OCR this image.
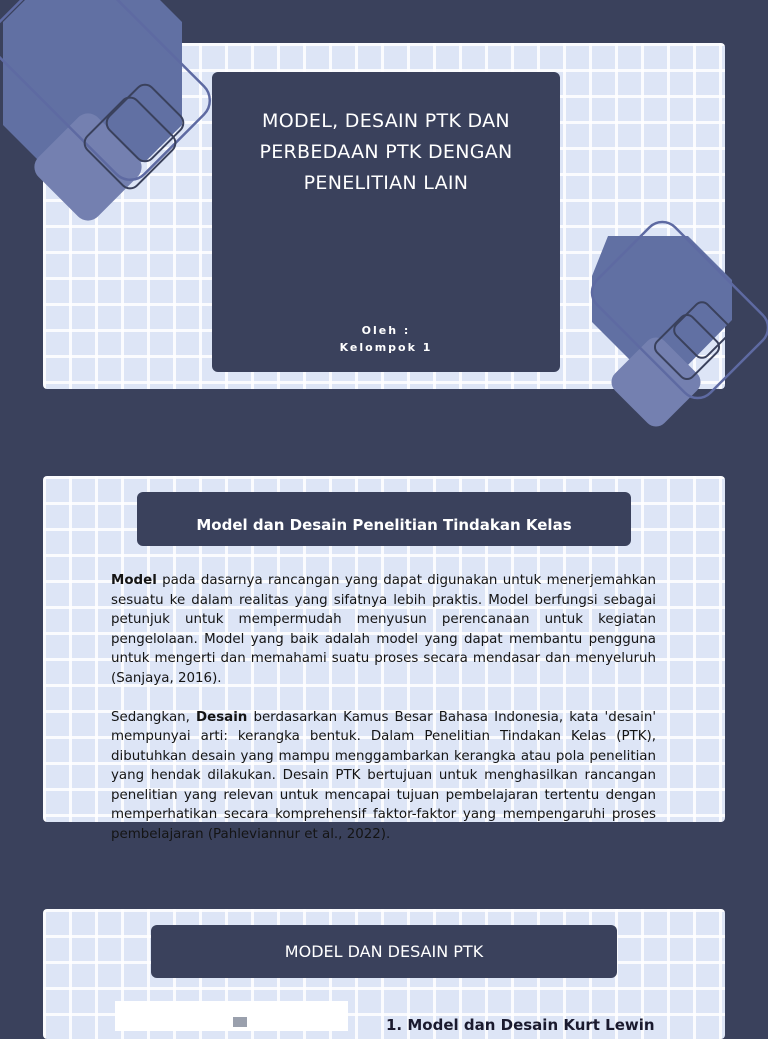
MODEL, DESAIN PTK DAN PERBEDAAN PTK DENGAN PENELITIAN LAIN
Oleh :
Kelompok 1
Model dan Desain Penelitian Tindakan Kelas

Model pada dasarnya rancangan yang dapat digunakan untuk menerjemahkan sesuatu ke dalam realitas yang sifatnya lebih praktis. Model berfungsi sebagai petunjuk untuk mempermudah menyusun perencanaan untuk kegiatan pengelolaan. Model yang baik adalah model yang dapat membantu pengguna untuk mengerti dan memahami suatu proses secara mendasar dan menyeluruh (Sanjaya, 2016).

Sedangkan, Desain berdasarkan Kamus Besar Bahasa Indonesia, kata 'desain' mempunyai arti: kerangka bentuk. Dalam Penelitian Tindakan Kelas (PTK), dibutuhkan desain yang mampu menggambarkan kerangka atau pola penelitian yang hendak dilakukan. Desain PTK bertujuan untuk menghasilkan rancangan penelitian yang relevan untuk mencapai tujuan pembelajaran tertentu dengan memperhatikan secara komprehensif faktor-faktor yang mempengaruhi proses pembelajaran (Pahleviannur et al., 2022).

MODEL DAN DESAIN PTK
1. Model dan Desain Kurt Lewin
